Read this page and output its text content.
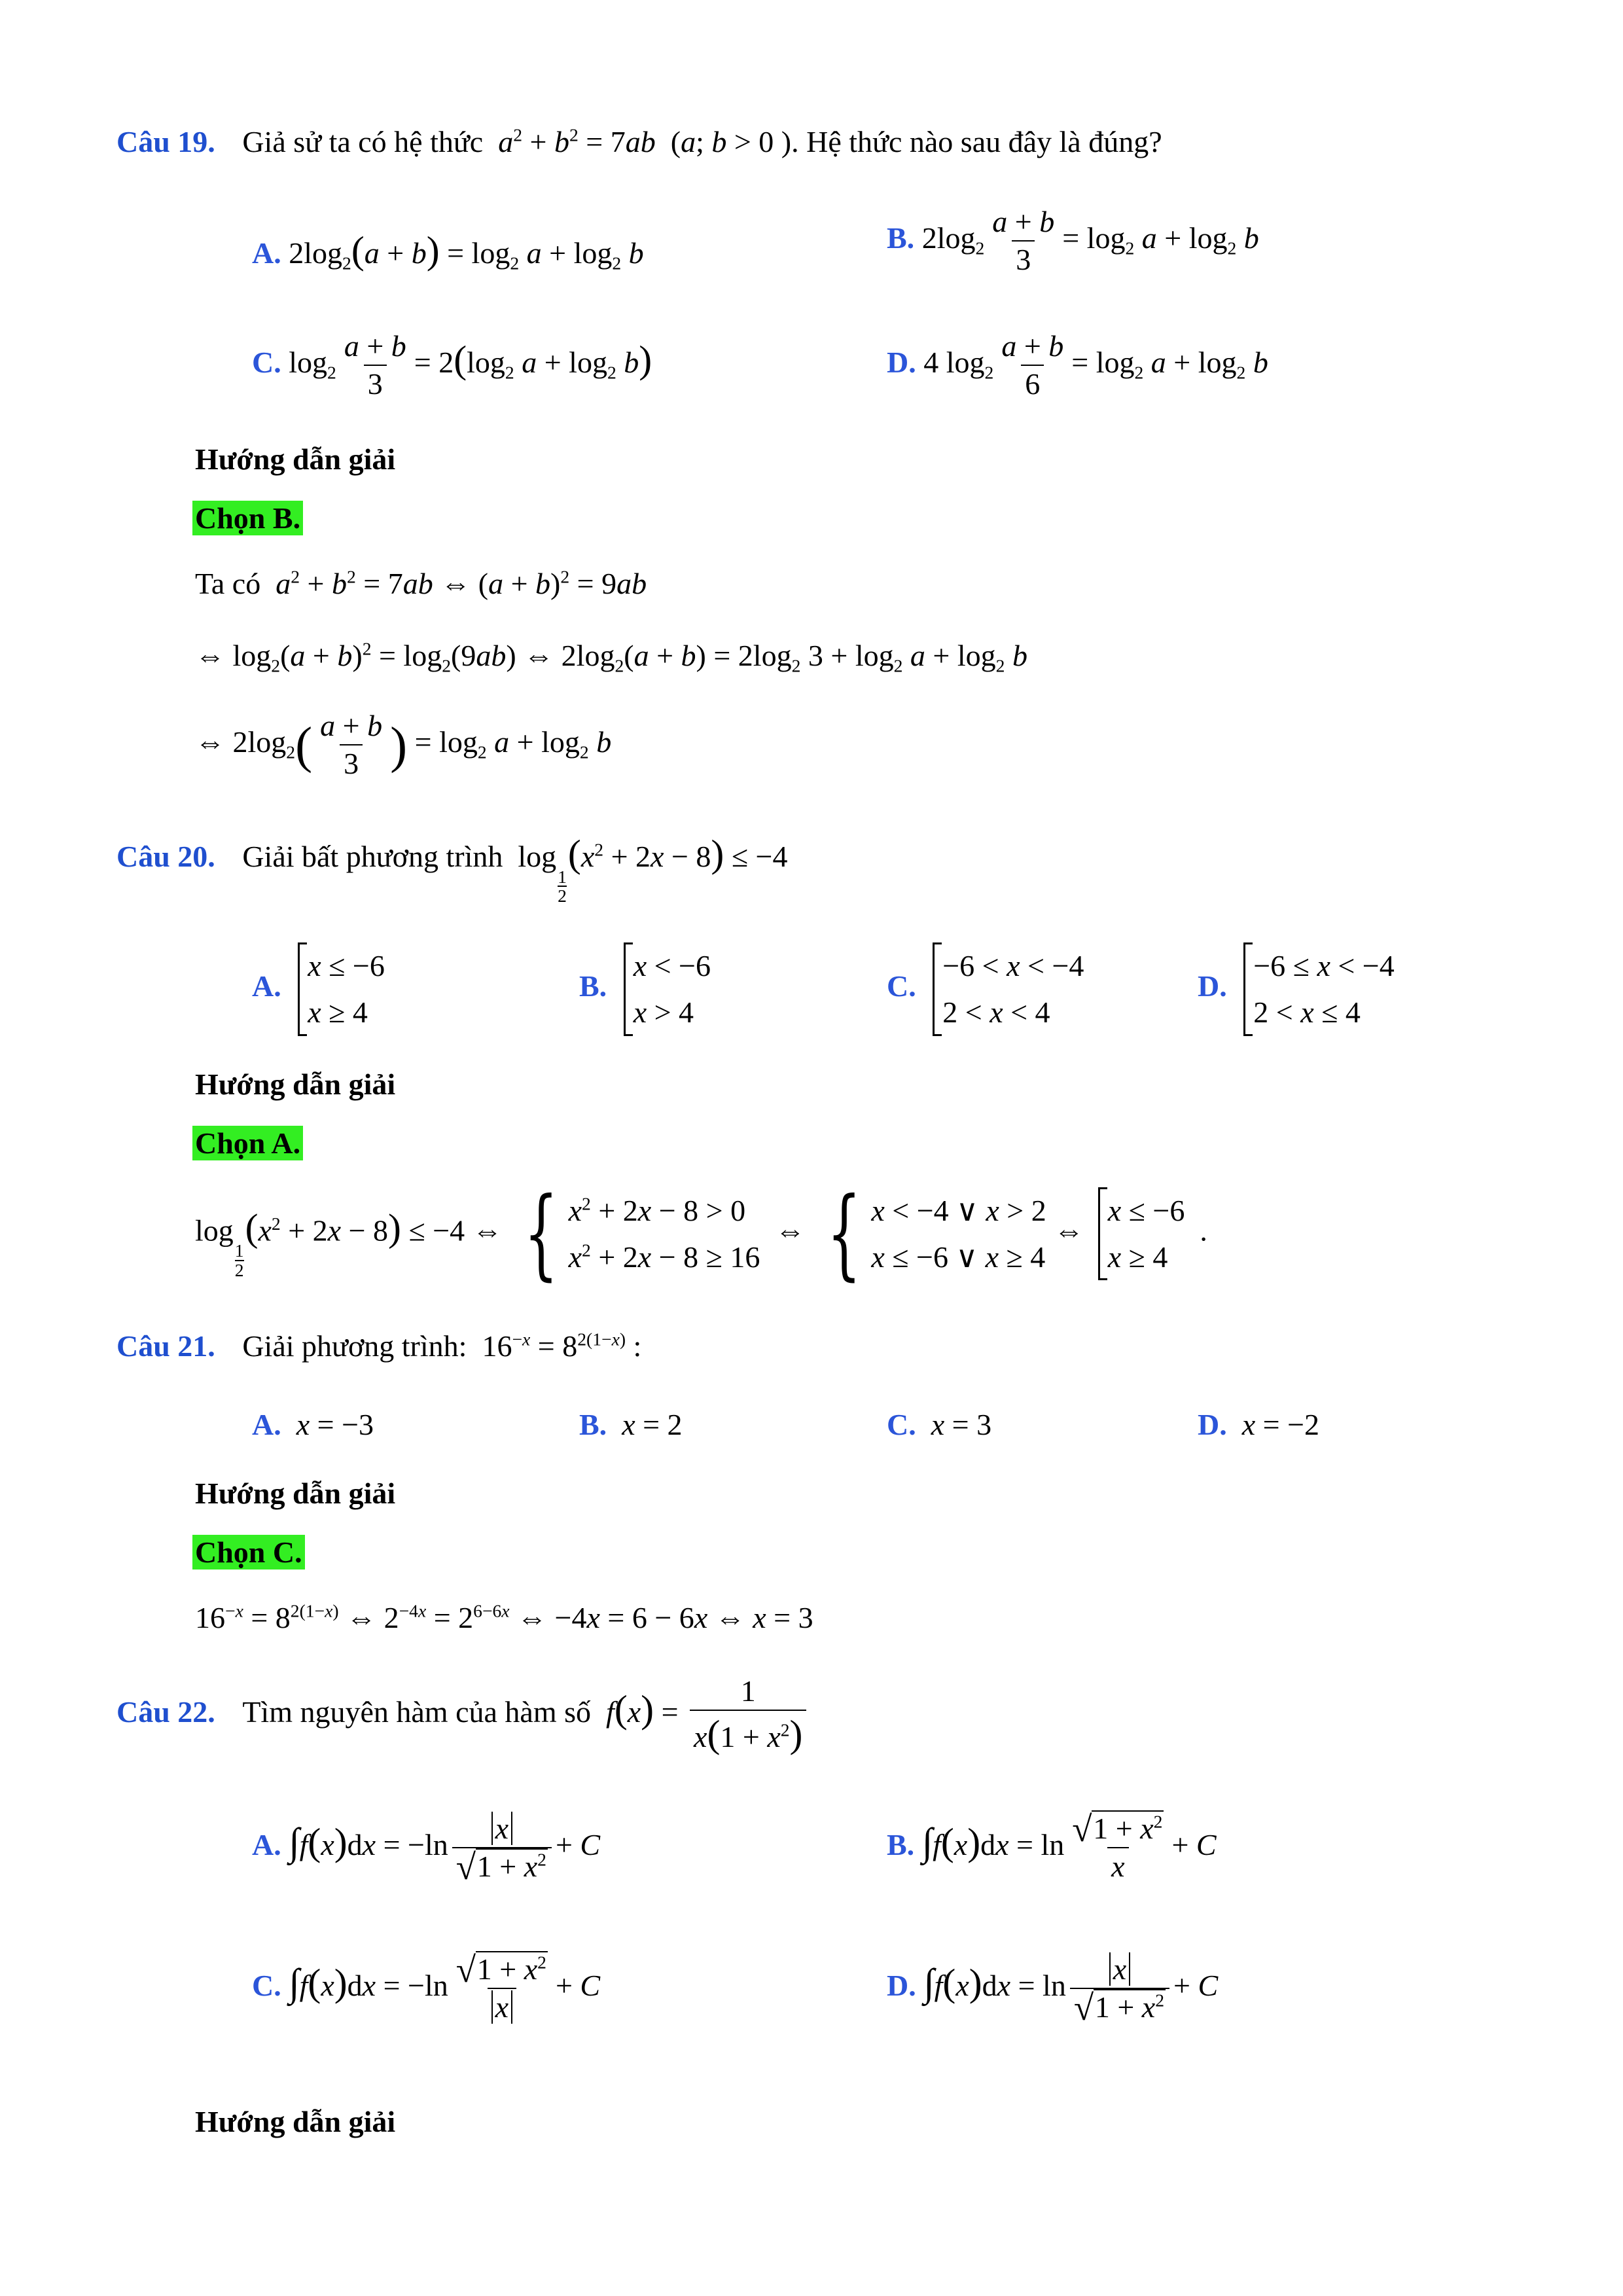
Câu 19. Giả sử ta có hệ thức $a^2 + b^2 = 7ab$  (a; b > 0 ). Hệ thức nào sau đây là đúng?
A. $2\log_2(a + b) = \log_2 a + \log_2 b$	B. $2\log_2 \frac{a + b}{3} = \log_2 a + \log_2 b$
C. $\log_2 \frac{a + b}{3} = 2(\log_2$ $a + \log_2 b$)	D. 4 $\log_2 \frac{a + b}{6} = \log_2 a + \log_2 b$
Hướng dẫn giải
Chọn B.
Ta có $a^2 + b^2 = 7ab$ ⇔ $(a + b)^2 = 9ab$
⇔ $\log_2(a + b)^2 = \log_2(9ab)$ ⇔ $2\log_2(a + b) = 2\log_2$ $3 + \log_2 a + \log_2 b$
⇔ $2\log_2( \frac{a + b}{3}$ ) = $\log_2 a + \log_2 b$
Câu 20. Giải bất phương trình  log
$\frac{1}{2}$
$(x^2 + 2x - 8) \le -4$
A.
x ≤ −6
x ≥ 4
B.
x < −6
x > 4
C.
−6 < x < −4
2 < x < 4
D.
−6 ≤ x < −4
2 < x ≤ 4
Hướng dẫn giải
Chọn A.
log
$\frac{1}{2}$
$(x^2 + 2x - 8) \le -4$ ⇔ { $x^2 + 2x - 8 > 0$
$x^2 + 2x - 8 \ge 16$
⇔ { x < −4 ∨ x > 2
x ≤ −6 ∨ x ≥ 4
⇔
x ≤ −6
x ≥ 4
.
Câu 21. Giải phương trình:  $16^{-x} = 8^{2(1-x)}$ :
A. x = −3	B. x = 2	C. x = 3	D. x = −2
Hướng dẫn giải
Chọn C.
$16^{-x} = 8^{2(1-x)}$ ⇔ $2^{-4x} = 2^{6-6x}$ ⇔ −4x = 6 − 6x ⇔ x = 3
Câu 22. Tìm nguyên hàm của hàm số $f(x) = \frac{1}{x(1 + x^2)}$
A. ∫f(x)dx = −ln x
√ $1 + x^2 + C$	B. ∫f(x)dx = ln √ $\frac{1 + x^2}{x} + C$
C. ∫f(x)dx = −ln √ $\frac{1 + x^2}{x} + C$	D. ∫f(x)dx = ln x
√ $1 + x^2 + C$
Hướng dẫn giải
